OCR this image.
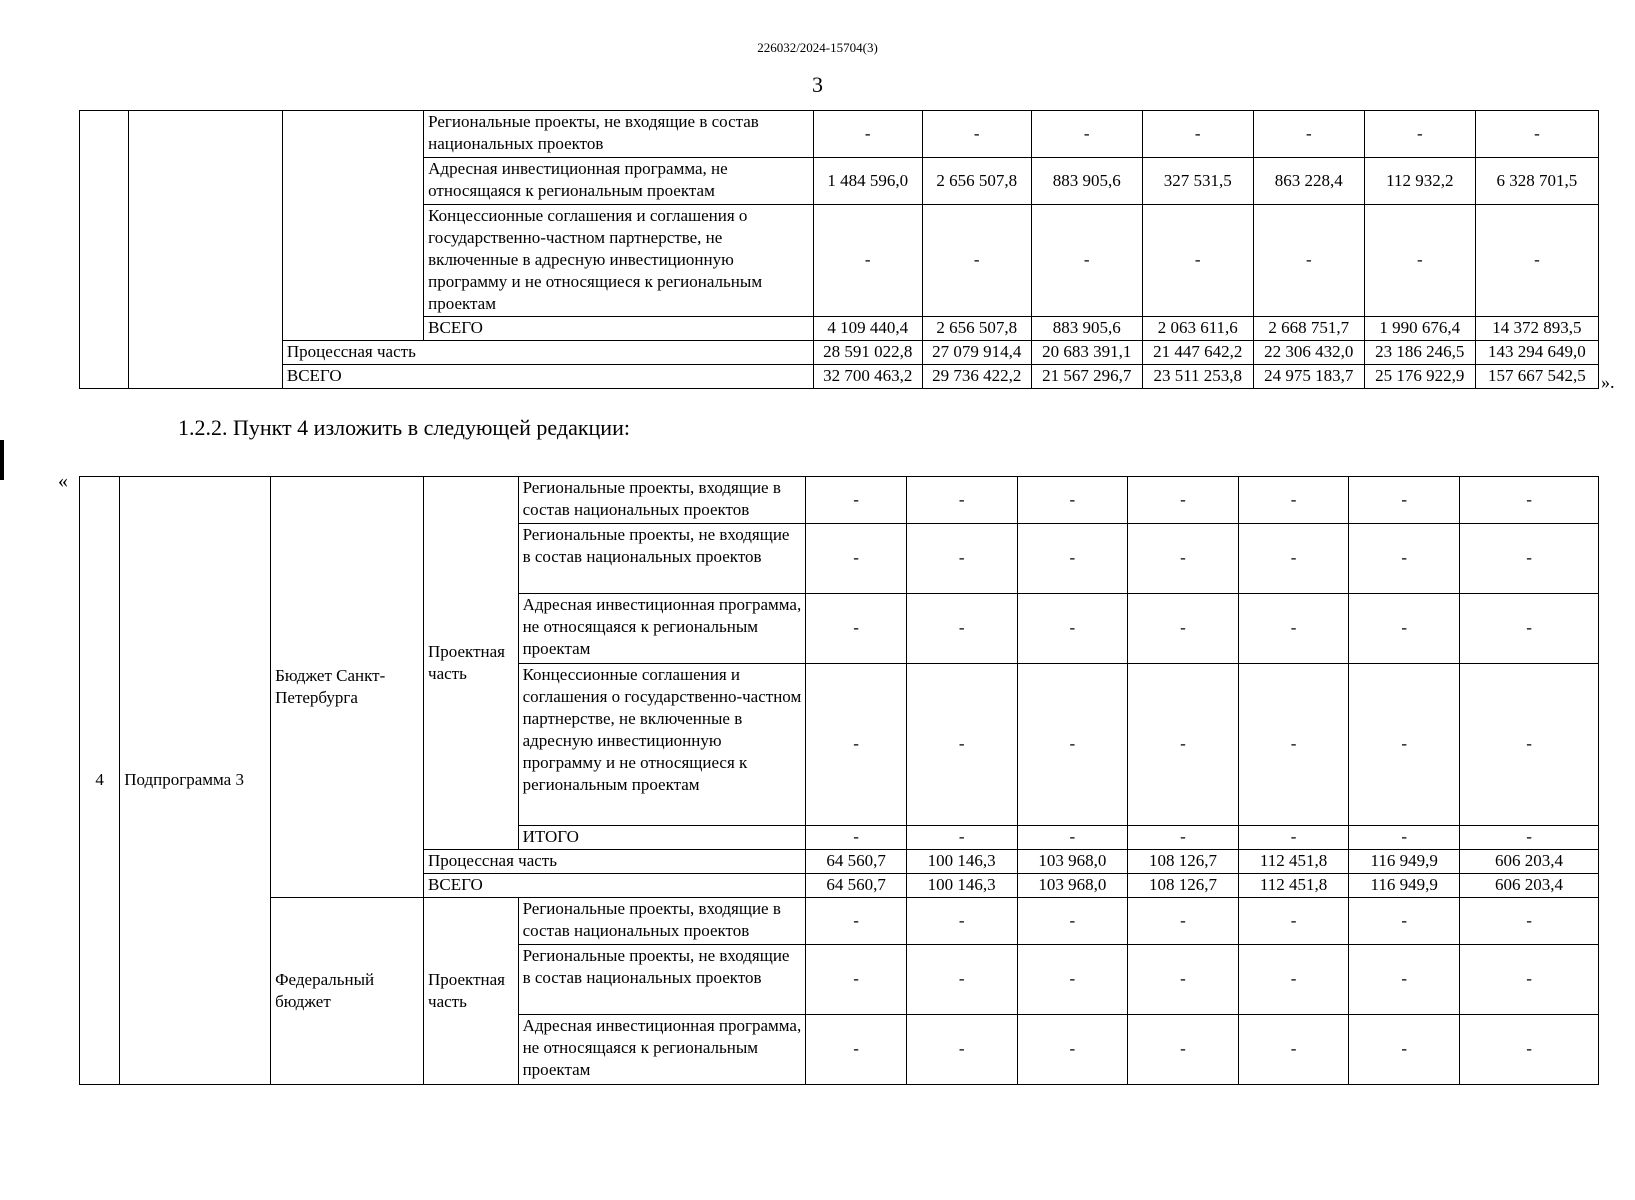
226032/2024-15704(3)
3
			Региональные проекты, не входящие в состав национальных проектов	-	-	-	-	-	-	-
			Адресная инвестиционная программа, не относящаяся к региональным проектам	1 484 596,0	2 656 507,8	883 905,6	327 531,5	863 228,4	112 932,2	6 328 701,5
			Концессионные соглашения и соглашения о государственно-частном партнерстве, не включенные в адресную инвестиционную программу и не относящиеся к региональным проектам	-	-	-	-	-	-	-
			ВСЕГО	4 109 440,4	2 656 507,8	883 905,6	2 063 611,6	2 668 751,7	1 990 676,4	14 372 893,5
		Процессная часть		28 591 022,8	27 079 914,4	20 683 391,1	21 447 642,2	22 306 432,0	23 186 246,5	143 294 649,0
		ВСЕГО		32 700 463,2	29 736 422,2	21 567 296,7	23 511 253,8	24 975 183,7	25 176 922,9	157 667 542,5 ».
1.2.2. Пункт 4 изложить в следующей редакции:
«
4	Подпрограмма 3	Бюджет Санкт-Петербурга	Проектная часть	Региональные проекты, входящие в состав национальных проектов	-	-	-	-	-	-	-
				Региональные проекты, не входящие в состав национальных проектов	-	-	-	-	-	-	-
				Адресная инвестиционная программа, не относящаяся к региональным проектам	-	-	-	-	-	-	-
				Концессионные соглашения и соглашения о государственно-частном партнерстве, не включенные в адресную инвестиционную программу и не относящиеся к региональным проектам	-	-	-	-	-	-	-
				ИТОГО	-	-	-	-	-	-	-
			Процессная часть		64 560,7	100 146,3	103 968,0	108 126,7	112 451,8	116 949,9	606 203,4
			ВСЕГО		64 560,7	100 146,3	103 968,0	108 126,7	112 451,8	116 949,9	606 203,4
		Федеральный бюджет	Проектная часть	Региональные проекты, входящие в состав национальных проектов	-	-	-	-	-	-	-
				Региональные проекты, не входящие в состав национальных проектов	-	-	-	-	-	-	-
				Адресная инвестиционная программа, не относящаяся к региональным проектам	-	-	-	-	-	-	-
